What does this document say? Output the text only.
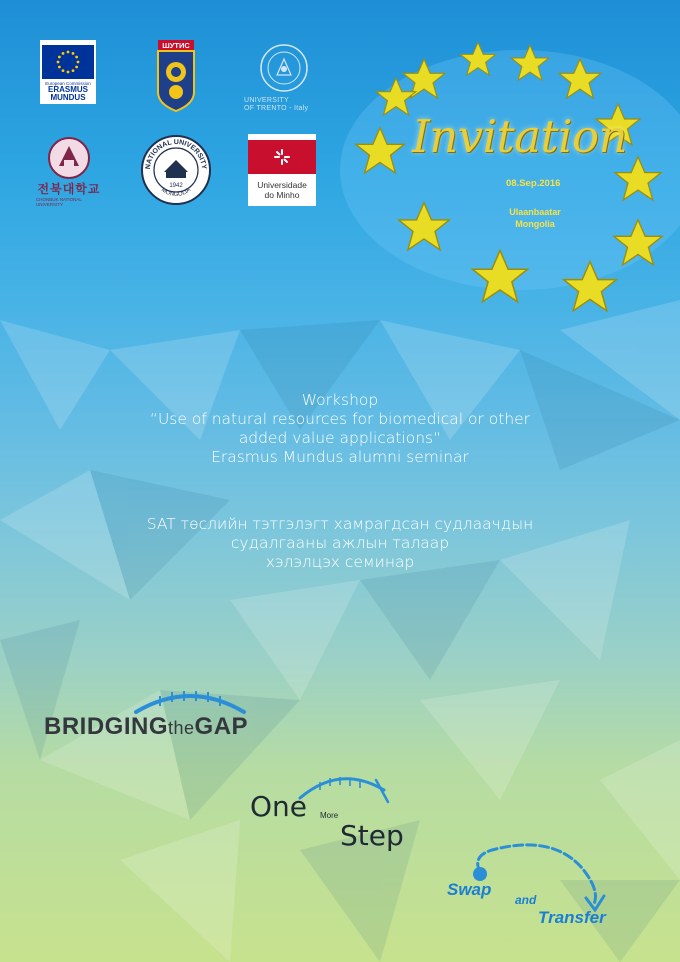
European Commission
ERASMUS
MUNDUS
ШУТИС
UNIVERSITY
OF TRENTO - Italy
전북대학교
CHONBUK NATIONAL UNIVERSITY
NATIONAL UNIVERSITY
MONGOLIA
1942	Universidade
do Minho
Invitation
08.Sep.2016
Ulaanbaatar
Mongolia
Workshop
“Use of natural resources for biomedical or other
added value applications“
Erasmus Mundus alumni seminar
SAT төслийн тэтгэлэгт хамрагдсан судлаачдын
судалгааны ажлын талаар
хэлэлцэх семинар
BRIDGINGtheGAP
One More
Step
Swap
and
Transfer
